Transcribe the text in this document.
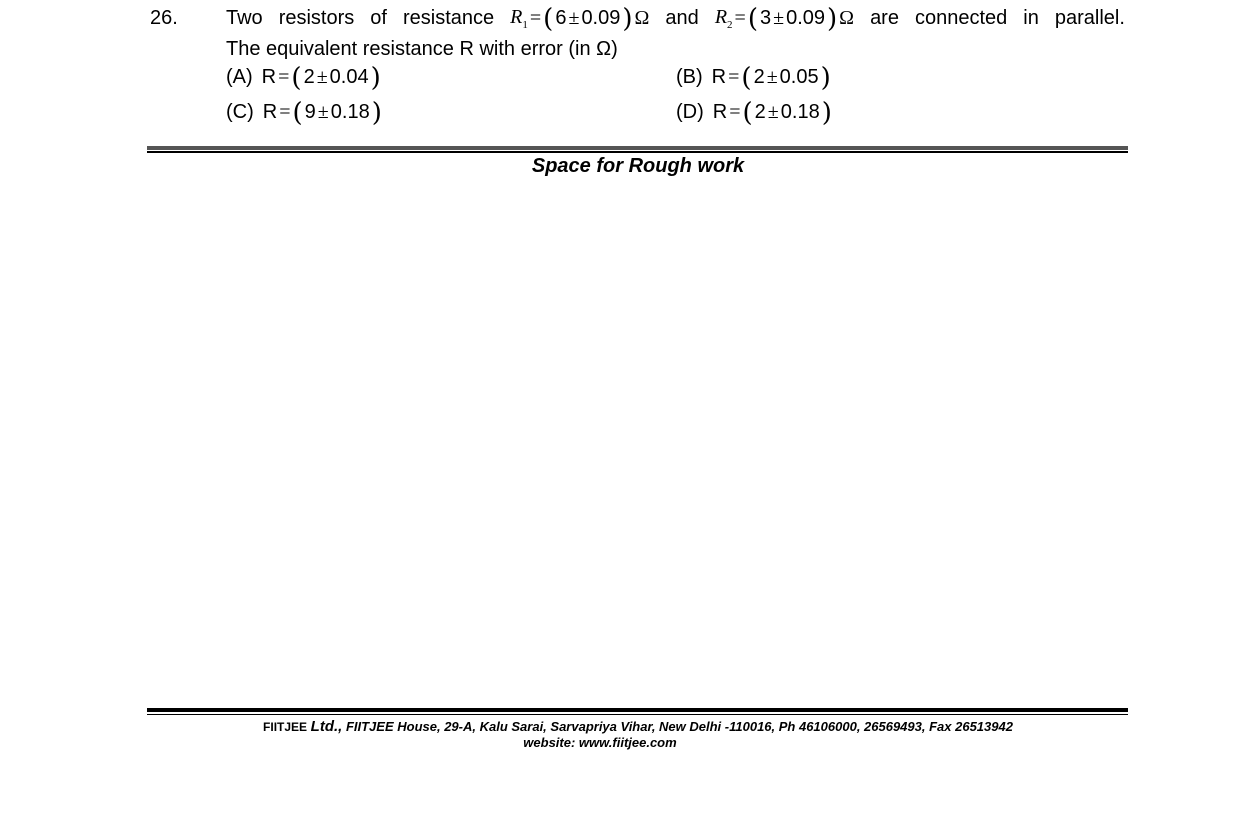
26. Two resistors of resistance $R_1$ = ( 6 ± 0.09 ) Ω and $R_2$ = ( 3 ± 0.09 ) Ω are connected in parallel.
The equivalent resistance R with error (in Ω)
(A) R = ( 2 ± 0.04 )	(B) R = ( 2 ± 0.05 )
(C) R = ( 9 ± 0.18 )	(D) R = ( 2 ± 0.18 )
Space for Rough work
FIITJEE Ltd., FIITJEE House, 29-A, Kalu Sarai, Sarvapriya Vihar, New Delhi -110016, Ph 46106000, 26569493, Fax 26513942
website: www.fiitjee.com
